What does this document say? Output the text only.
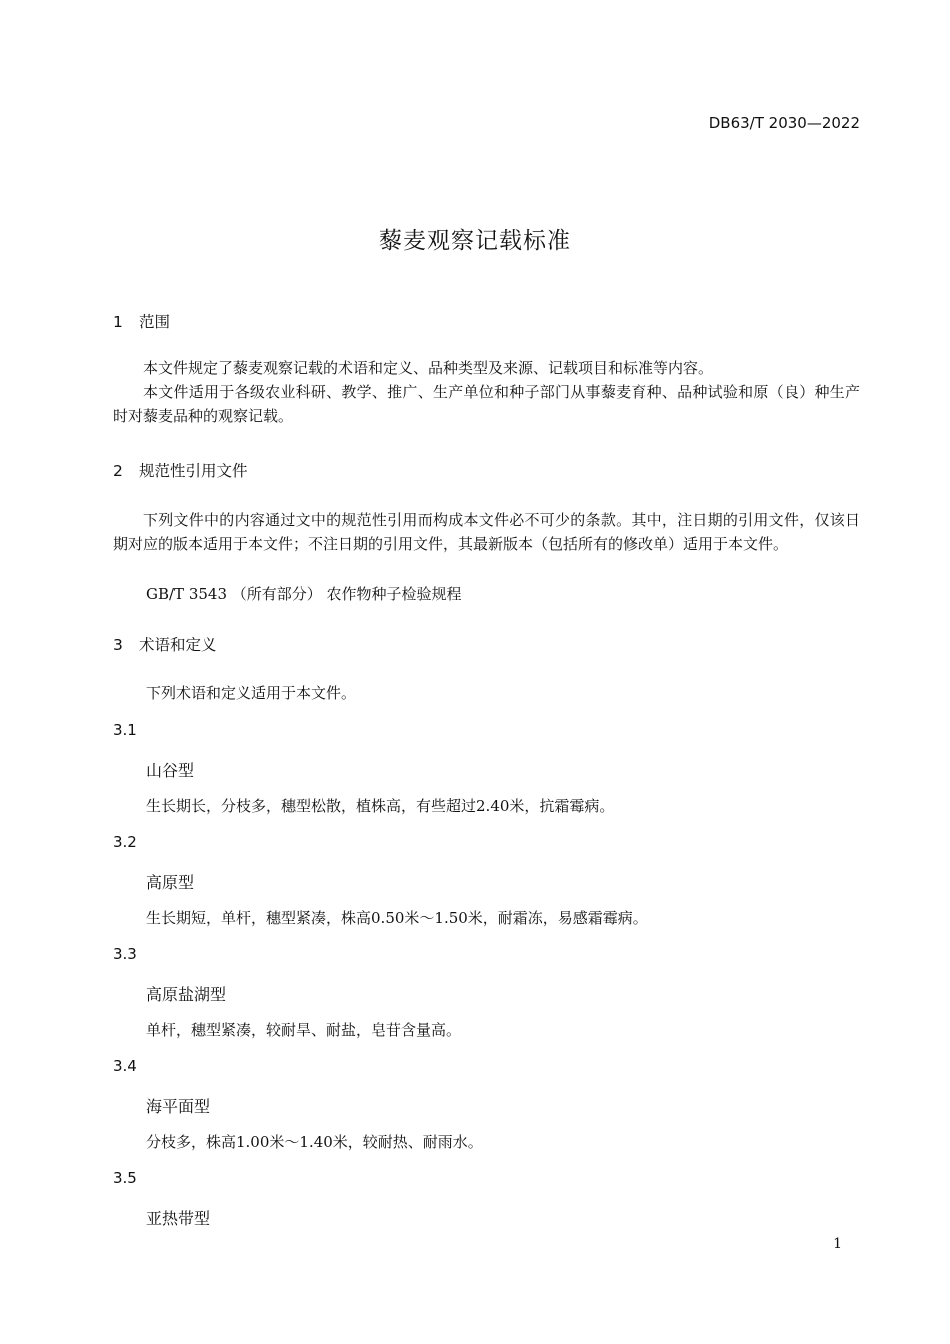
DB63/T 2030—2022
藜麦观察记载标准
1 范围

本文件规定了藜麦观察记载的术语和定义、品种类型及来源、记载项目和标准等内容。

本文件适用于各级农业科研、教学、推广、生产单位和种子部门从事藜麦育种、品种试验和原（良）种生产时对藜麦品种的观察记载。

2 规范性引用文件

下列文件中的内容通过文中的规范性引用而构成本文件必不可少的条款。其中，注日期的引用文件，仅该日期对应的版本适用于本文件；不注日期的引用文件，其最新版本（包括所有的修改单）适用于本文件。

GB/T 3543 （所有部分） 农作物种子检验规程
3 术语和定义
下列术语和定义适用于本文件。
3.1
山谷型
生长期长，分枝多，穗型松散，植株高，有些超过2.40米，抗霜霉病。
3.2
高原型
生长期短，单杆，穗型紧凑，株高0.50米～1.50米，耐霜冻，易感霜霉病。
3.3
高原盐湖型
单杆，穗型紧凑，较耐旱、耐盐，皂苷含量高。
3.4
海平面型
分枝多，株高1.00米～1.40米，较耐热、耐雨水。
3.5
亚热带型
1
